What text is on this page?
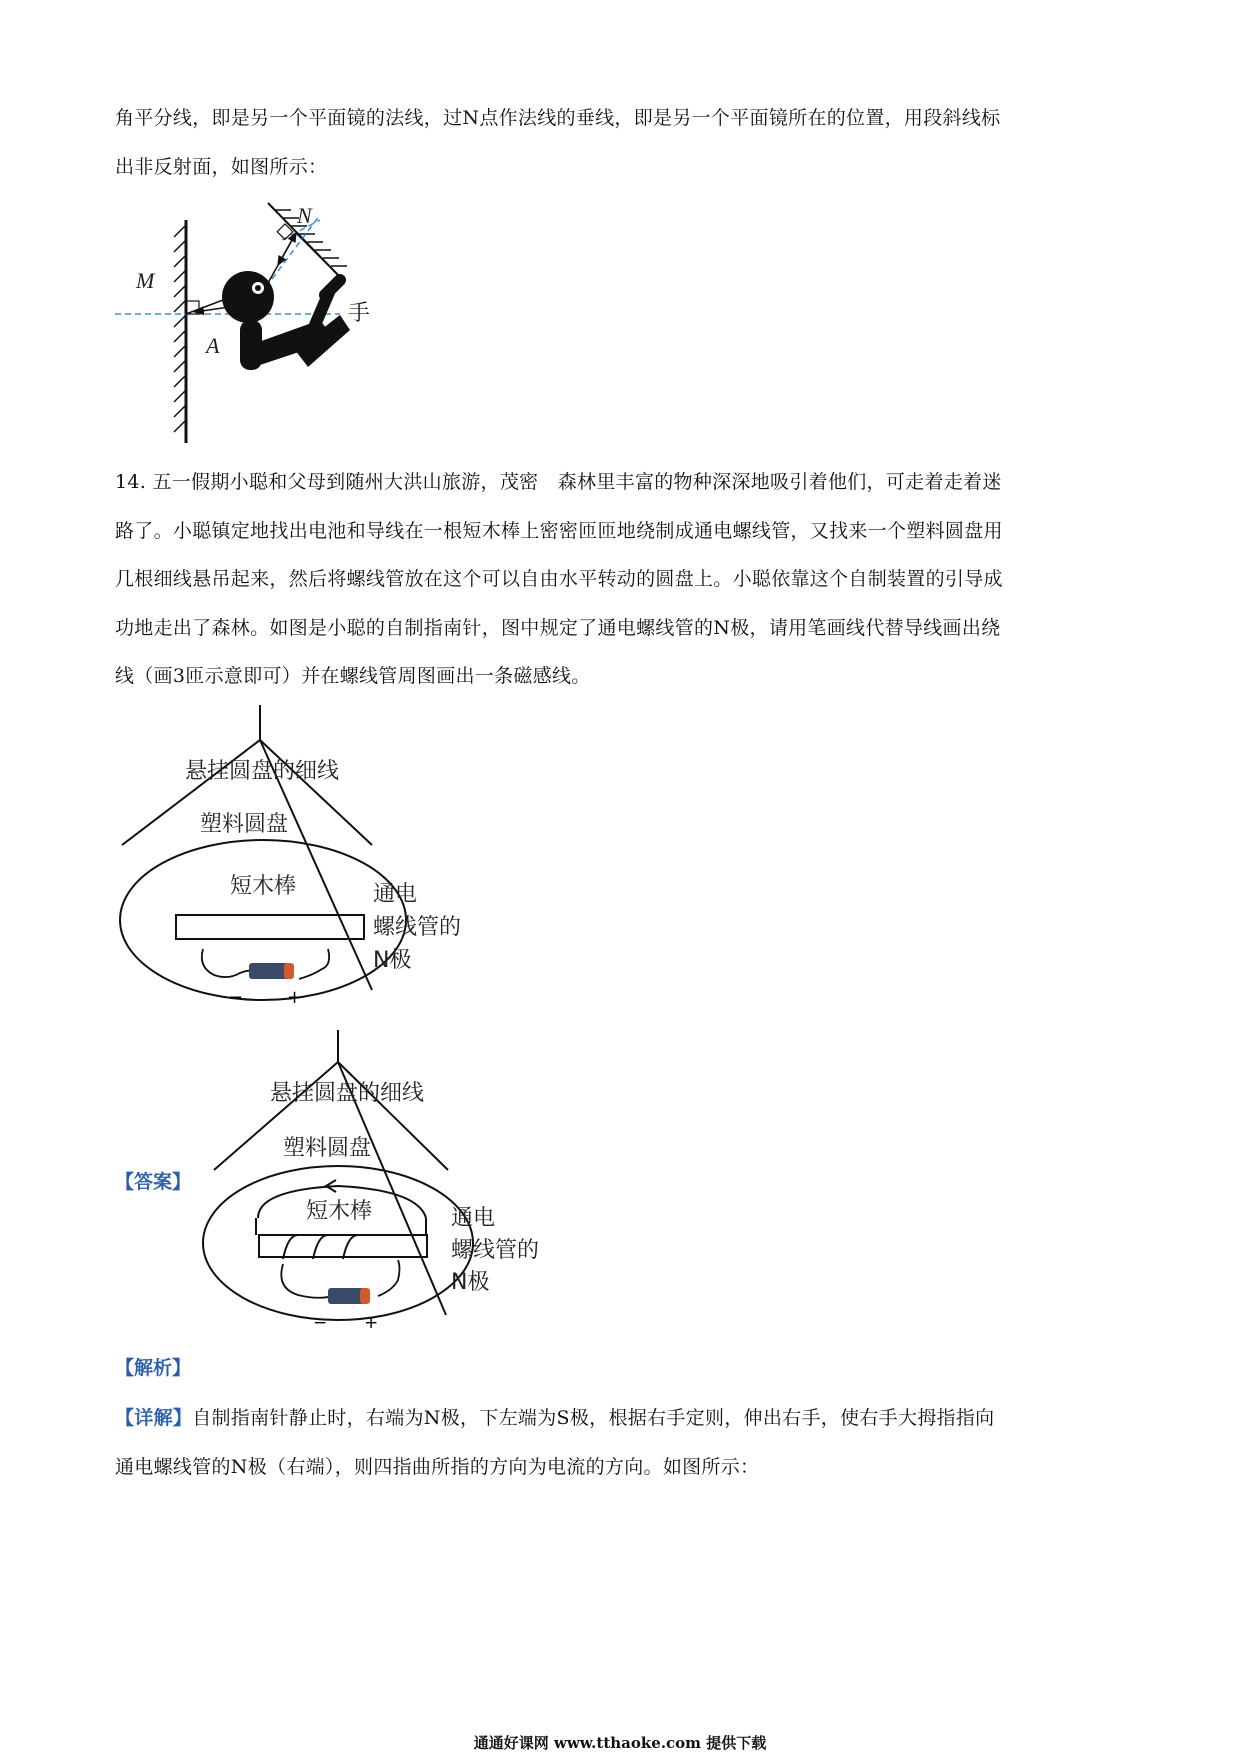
角平分线，即是另一个平面镜的法线，过N点作法线的垂线，即是另一个平面镜所在的位置，用段斜线标

出非反射面，如图所示：

N
M
A
手

14. 五一假期小聪和父母到随州大洪山旅游，茂密　森林里丰富的物种深深地吸引着他们，可走着走着迷

路了。小聪镇定地找出电池和导线在一根短木棒上密密匝匝地绕制成通电螺线管，又找来一个塑料圆盘用

几根细线悬吊起来，然后将螺线管放在这个可以自由水平转动的圆盘上。小聪依靠这个自制装置的引导成

功地走出了森林。如图是小聪的自制指南针，图中规定了通电螺线管的N极，请用笔画线代替导线画出绕

线（画3匝示意即可）并在螺线管周图画出一条磁感线。

− +
悬挂圆盘的细线
塑料圆盘
短木棒	通电
螺线管的
N极
【答案】
− +
悬挂圆盘的细线
塑料圆盘
短木棒	通电
螺线管的
N极
【解析】

【详解】自制指南针静止时，右端为N极，下左端为S极，根据右手定则，伸出右手，使右手大拇指指向

通电螺线管的N极（右端），则四指曲所指的方向为电流的方向。如图所示：

通通好课网 www.tthaoke.com 提供下载
